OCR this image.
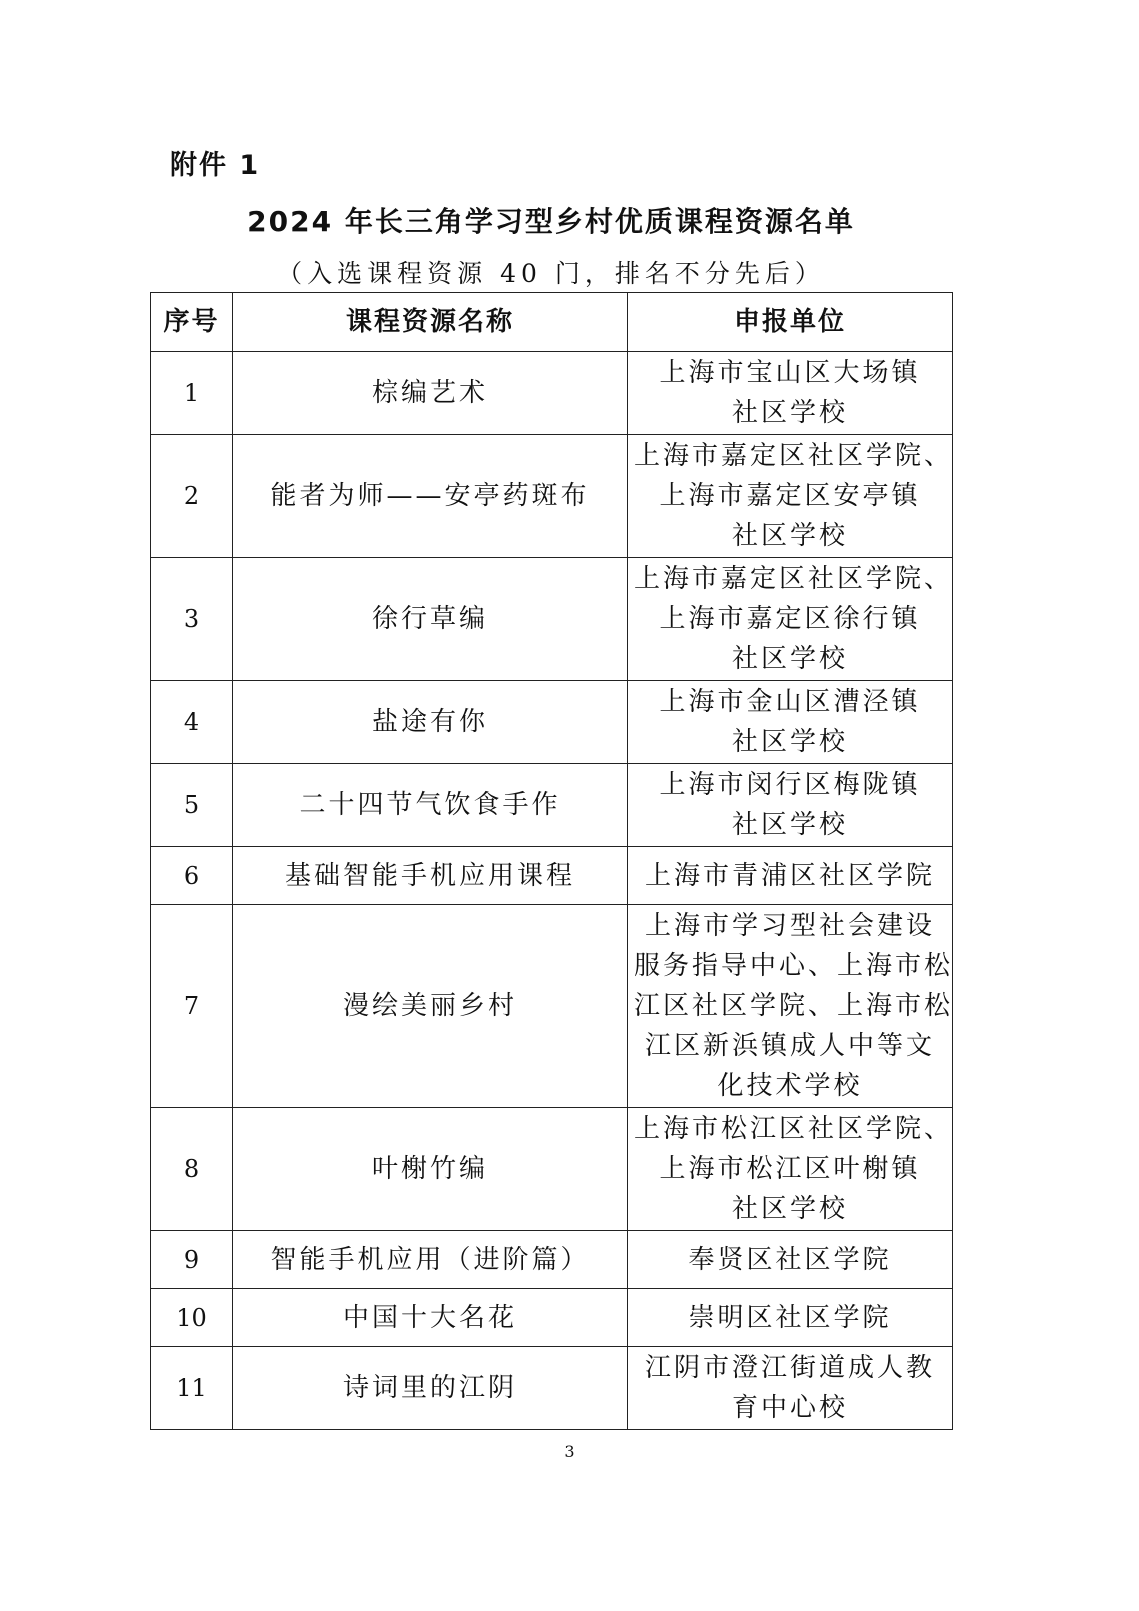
附件 1
2024 年长三角学习型乡村优质课程资源名单
（入选课程资源 40 门，排名不分先后）
序号	课程资源名称	申报单位
1	棕编艺术	上海市宝山区大场镇
社区学校

2	能者为师——安亭药斑布	上海市嘉定区社区学院、
上海市嘉定区安亭镇
社区学校

3	徐行草编	上海市嘉定区社区学院、
上海市嘉定区徐行镇
社区学校

4	盐途有你	上海市金山区漕泾镇
社区学校

5	二十四节气饮食手作	上海市闵行区梅陇镇
社区学校

6	基础智能手机应用课程	上海市青浦区社区学院

7	漫绘美丽乡村	上海市学习型社会建设
服务指导中心、上海市松
江区社区学院、上海市松
江区新浜镇成人中等文
化技术学校

8	叶榭竹编	上海市松江区社区学院、
上海市松江区叶榭镇
社区学校

9	智能手机应用（进阶篇）	奉贤区社区学院

10	中国十大名花	崇明区社区学院

11	诗词里的江阴	江阴市澄江街道成人教
育中心校
3
